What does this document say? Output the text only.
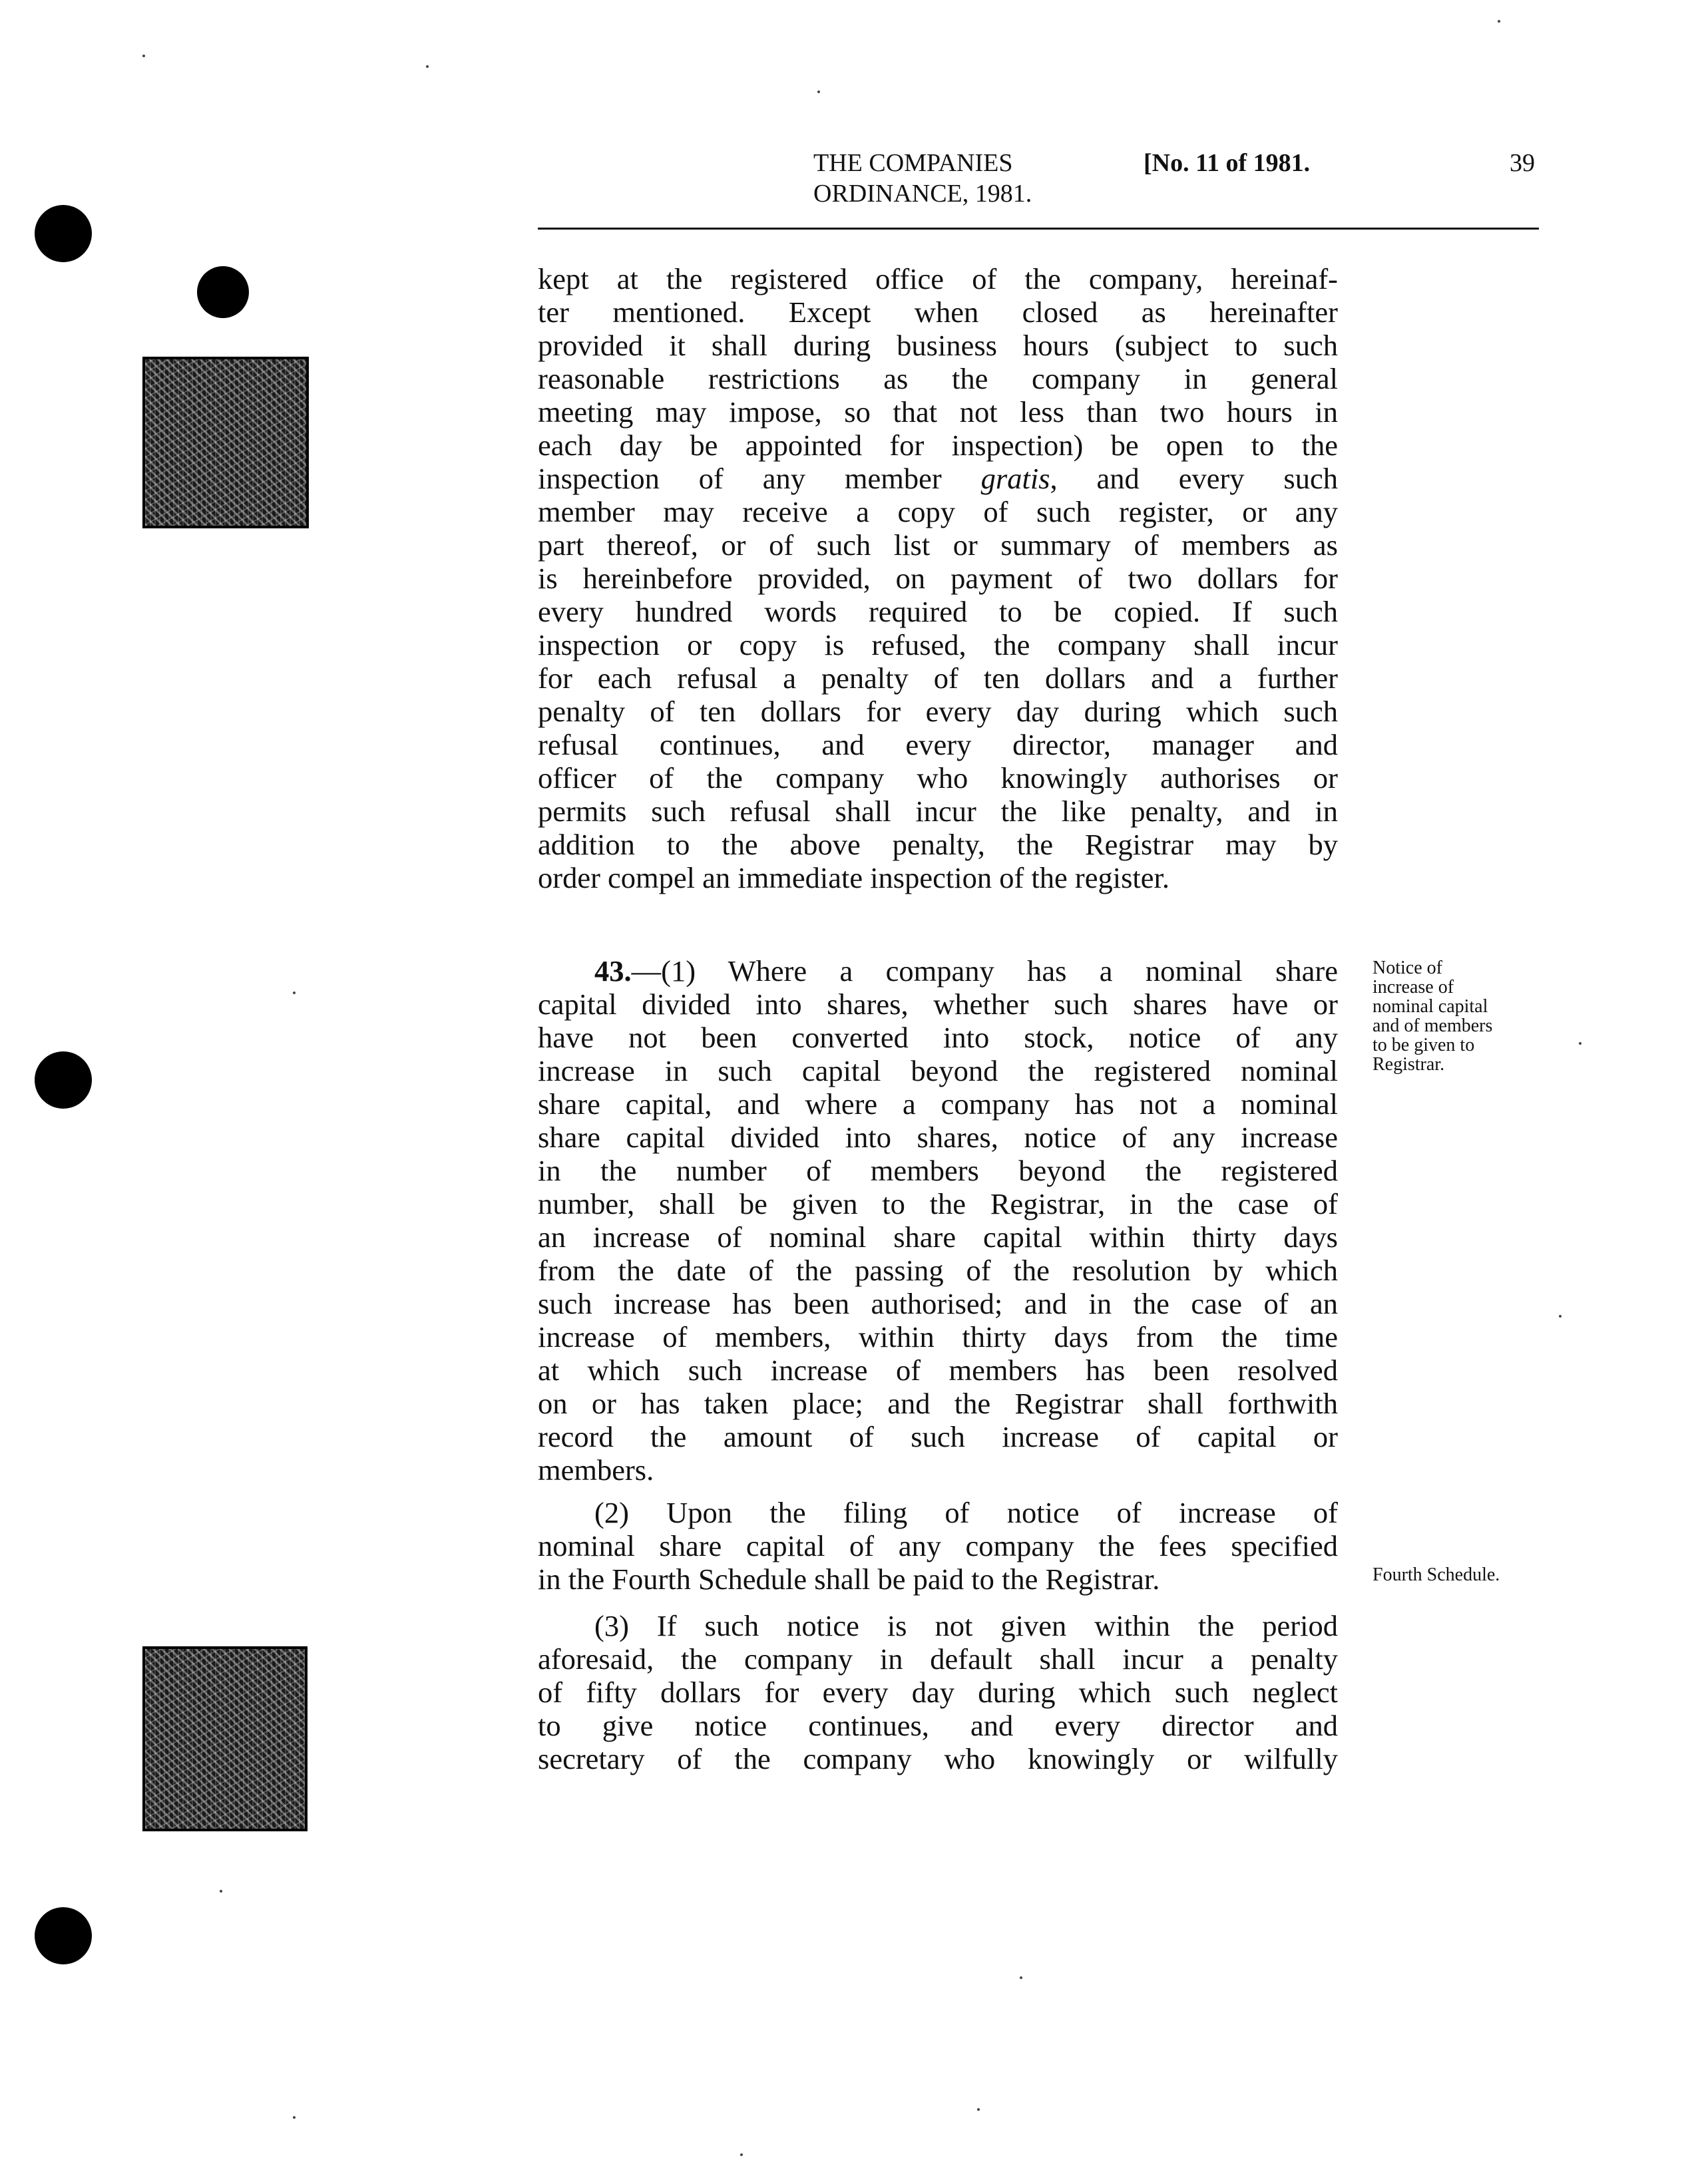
THE COMPANIES
ORDINANCE, 1981.
[No. 11 of 1981.	39

kept at the registered office of the company, hereinaf-

ter mentioned. Except when closed as hereinafter

provided it shall during business hours (subject to such

reasonable restrictions as the company in general

meeting may impose, so that not less than two hours in

each day be appointed for inspection) be open to the

inspection of any member gratis, and every such

member may receive a copy of such register, or any

part thereof, or of such list or summary of members as

is hereinbefore provided, on payment of two dollars for

every hundred words required to be copied. If such

inspection or copy is refused, the company shall incur

for each refusal a penalty of ten dollars and a further

penalty of ten dollars for every day during which such

refusal continues, and every director, manager and

officer of the company who knowingly authorises or

permits such refusal shall incur the like penalty, and in

addition to the above penalty, the Registrar may by

order compel an immediate inspection of the register.

43.—(1) Where a company has a nominal share

capital divided into shares, whether such shares have or

have not been converted into stock, notice of any

increase in such capital beyond the registered nominal

share capital, and where a company has not a nominal

share capital divided into shares, notice of any increase

in the number of members beyond the registered

number, shall be given to the Registrar, in the case of

an increase of nominal share capital within thirty days

from the date of the passing of the resolution by which

such increase has been authorised; and in the case of an

increase of members, within thirty days from the time

at which such increase of members has been resolved

on or has taken place; and the Registrar shall forthwith

record the amount of such increase of capital or

members.

(2) Upon the filing of notice of increase of

nominal share capital of any company the fees specified

in the Fourth Schedule shall be paid to the Registrar.

(3) If such notice is not given within the period

aforesaid, the company in default shall incur a penalty

of fifty dollars for every day during which such neglect

to give notice continues, and every director and

secretary of the company who knowingly or wilfully

Notice of
increase of
nominal capital
and of members
to be given to
Registrar.
Fourth Schedule.
